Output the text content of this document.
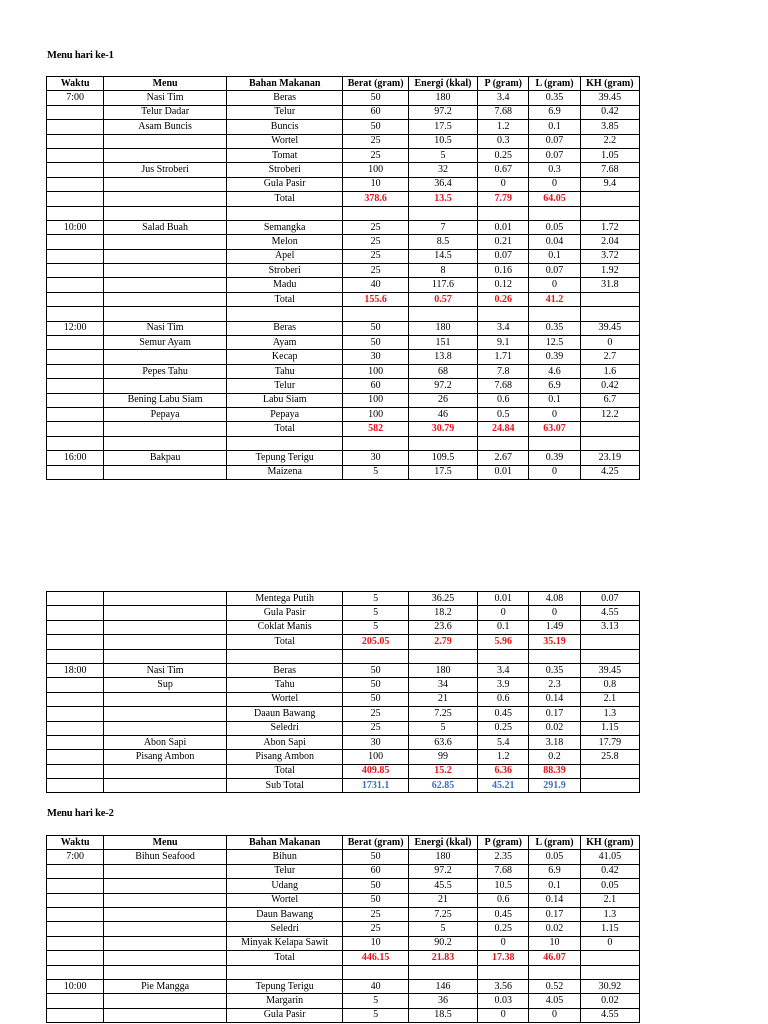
Menu hari ke-1
Waktu	Menu	Bahan Makanan	Berat (gram)	Energi (kkal)	P (gram)	L (gram)	KH (gram)
7:00	Nasi Tim	Beras	50	180	3.4	0.35	39.45
	Telur Dadar	Telur	60	97.2	7.68	6.9	0.42
	Asam Buncis	Buncis	50	17.5	1.2	0.1	3.85
		Wortel	25	10.5	0.3	0.07	2.2
		Tomat	25	5	0.25	0.07	1.05
	Jus Stroberi	Stroberi	100	32	0.67	0.3	7.68
		Gula Pasir	10	36.4	0	0	9.4
		Total	378.6	13.5	7.79	64.05	

10:00	Salad Buah	Semangka	25	7	0.01	0.05	1.72
		Melon	25	8.5	0.21	0.04	2.04
		Apel	25	14.5	0.07	0.1	3.72
		Stroberi	25	8	0.16	0.07	1.92
		Madu	40	117.6	0.12	0	31.8
		Total	155.6	0.57	0.26	41.2	

12:00	Nasi Tim	Beras	50	180	3.4	0.35	39.45
	Semur Ayam	Ayam	50	151	9.1	12.5	0
		Kecap	30	13.8	1.71	0.39	2.7
	Pepes Tahu	Tahu	100	68	7.8	4.6	1.6
		Telur	60	97.2	7.68	6.9	0.42
	Bening Labu Siam	Labu Siam	100	26	0.6	0.1	6.7
	Pepaya	Pepaya	100	46	0.5	0	12.2
		Total	582	30.79	24.84	63.07	

16:00	Bakpau	Tepung Terigu	30	109.5	2.67	0.39	23.19
		Maizena	5	17.5	0.01	0	4.25
		Mentega Putih	5	36.25	0.01	4.08	0.07
		Gula Pasir	5	18.2	0	0	4.55
		Coklat Manis	5	23.6	0.1	1.49	3.13
		Total	205.05	2.79	5.96	35.19	

18:00	Nasi Tim	Beras	50	180	3.4	0.35	39.45
	Sup	Tahu	50	34	3.9	2.3	0.8
		Wortel	50	21	0.6	0.14	2.1
		Daaun Bawang	25	7.25	0.45	0.17	1.3
		Seledri	25	5	0.25	0.02	1.15
	Abon Sapi	Abon Sapi	30	63.6	5.4	3.18	17.79
	Pisang Ambon	Pisang Ambon	100	99	1.2	0.2	25.8
		Total	409.85	15.2	6.36	88.39	
		Sub Total	1731.1	62.85	45.21	291.9	
Menu hari ke-2
Waktu	Menu	Bahan Makanan	Berat (gram)	Energi (kkal)	P (gram)	L (gram)	KH (gram)
7:00	Bihun Seafood	Bihun	50	180	2.35	0.05	41.05
		Telur	60	97.2	7.68	6.9	0.42
		Udang	50	45.5	10.5	0.1	0.05
		Wortel	50	21	0.6	0.14	2.1
		Daun Bawang	25	7.25	0.45	0.17	1.3
		Seledri	25	5	0.25	0.02	1.15
		Minyak Kelapa Sawit	10	90.2	0	10	0
		Total	446.15	21.83	17.38	46.07	

10:00	Pie Mangga	Tepung Terigu	40	146	3.56	0.52	30.92
		Margarin	5	36	0.03	4.05	0.02
		Gula Pasir	5	18.5	0	0	4.55
